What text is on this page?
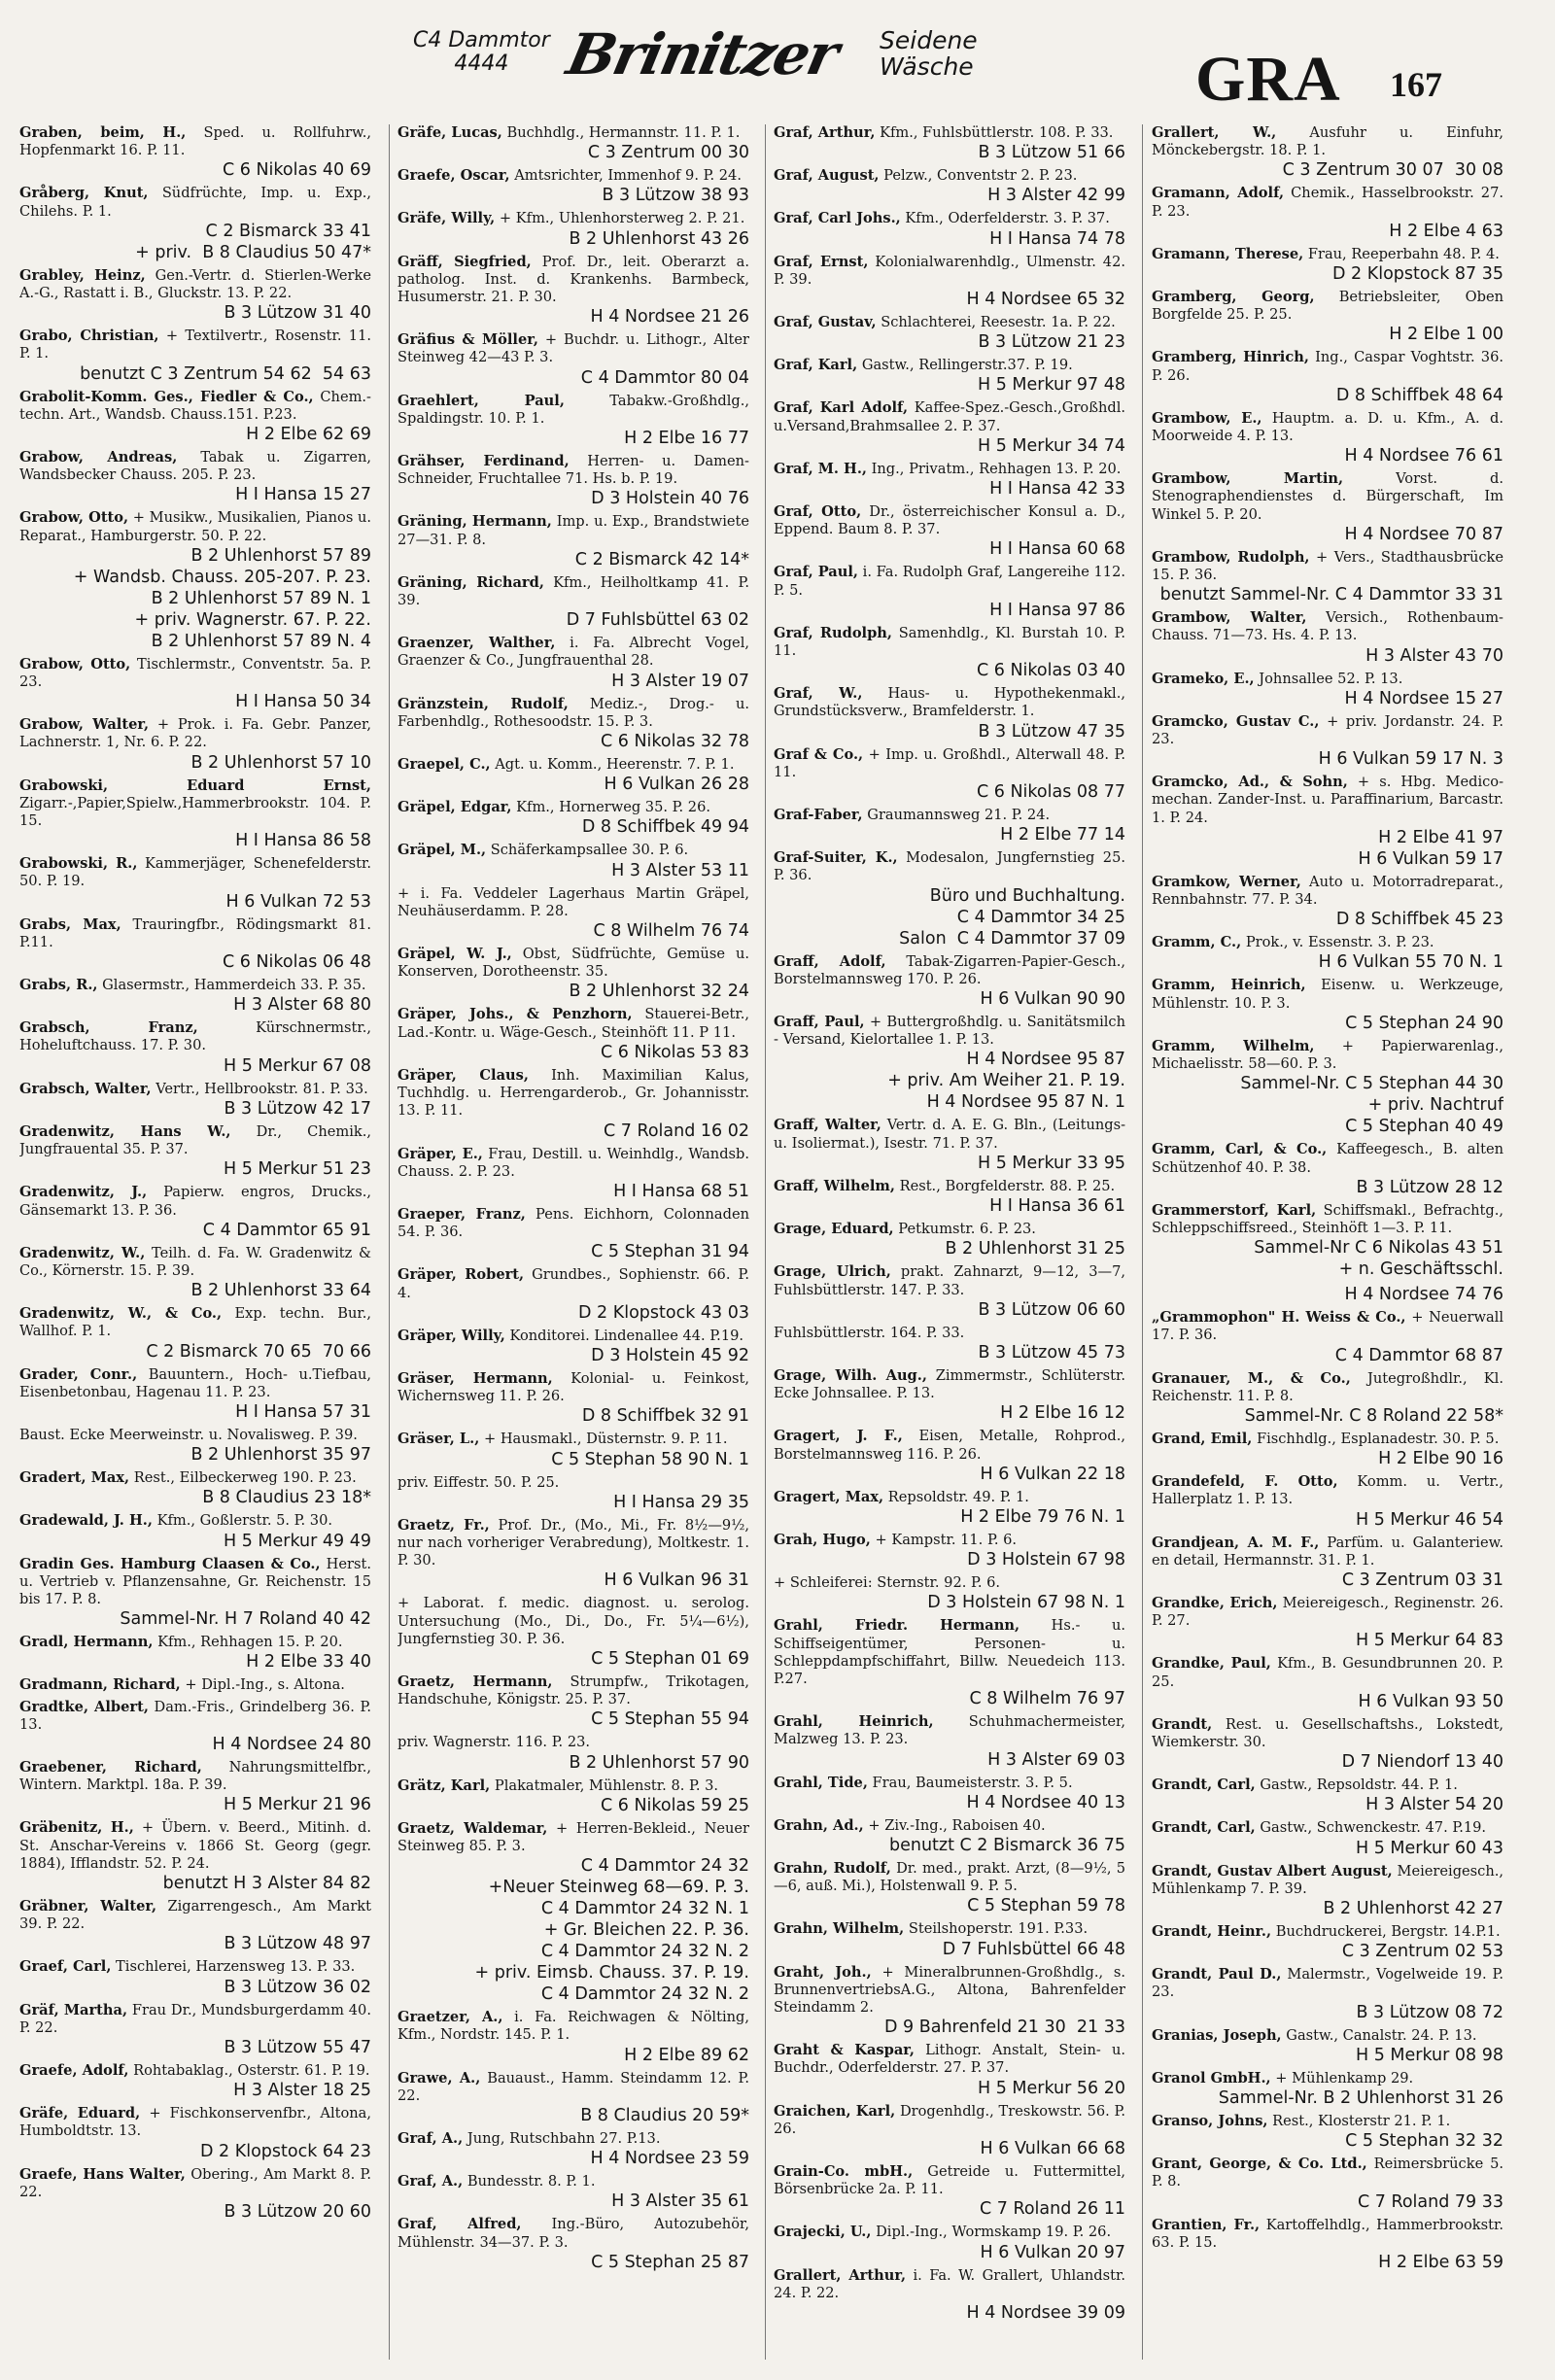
C4 Dammtor
4444 Brinitzer Seidene
Wäsche	GRA 167

Graben, beim, H., Sped. u. Rollfuhrw., Hopfenmarkt 16. P. 11.
C 6 Nikolas 40 69

Gråberg, Knut, Südfrüchte, Imp. u. Exp., Chilehs. P. 1.
C 2 Bismarck 33 41
+ priv.  B 8 Claudius 50 47*

Grabley, Heinz, Gen.-Vertr. d. Stierlen-Werke A.-G., Rastatt i. B., Gluckstr. 13. P. 22.
B 3 Lützow 31 40

Grabo, Christian, + Textilvertr., Rosenstr. 11. P. 1.
benutzt C 3 Zentrum 54 62  54 63

Grabolit-Komm. Ges., Fiedler & Co., Chem.-techn. Art., Wandsb. Chauss.151. P.23.
H 2 Elbe 62 69

Grabow, Andreas, Tabak u. Zigarren, Wandsbecker Chauss. 205. P. 23.
H I Hansa 15 27

Grabow, Otto, + Musikw., Musikalien, Pianos u. Reparat., Hamburgerstr. 50. P. 22.
B 2 Uhlenhorst 57 89
+ Wandsb. Chauss. 205-207. P. 23.
B 2 Uhlenhorst 57 89 N. 1
+ priv. Wagnerstr. 67. P. 22.
B 2 Uhlenhorst 57 89 N. 4

Grabow, Otto, Tischlermstr., Conventstr. 5a. P. 23.
H I Hansa 50 34

Grabow, Walter, + Prok. i. Fa. Gebr. Panzer, Lachnerstr. 1, Nr. 6. P. 22.
B 2 Uhlenhorst 57 10

Grabowski, Eduard Ernst, Zigarr.-,Papier,Spielw.,Hammerbrookstr. 104. P. 15.
H I Hansa 86 58

Grabowski, R., Kammerjäger, Schenefelderstr. 50. P. 19.
H 6 Vulkan 72 53

Grabs, Max, Trauringfbr., Rödingsmarkt 81. P.11.
C 6 Nikolas 06 48

Grabs, R., Glasermstr., Hammerdeich 33. P. 35.
H 3 Alster 68 80

Grabsch, Franz,	Kürschnermstr., Hoheluftchauss. 17. P. 30.
H 5 Merkur 67 08

Grabsch, Walter, Vertr., Hellbrookstr. 81. P. 33.
B 3 Lützow 42 17

Gradenwitz, Hans W., Dr., Chemik., Jungfrauental 35. P. 37.
H 5 Merkur 51 23

Gradenwitz, J., Papierw. engros, Drucks., Gänsemarkt 13. P. 36.
C 4 Dammtor 65 91

Gradenwitz, W., Teilh. d. Fa. W. Gradenwitz & Co., Körnerstr. 15. P. 39.
B 2 Uhlenhorst 33 64

Gradenwitz, W., & Co., Exp. techn. Bur., Wallhof. P. 1.
C 2 Bismarck 70 65  70 66

Grader, Conr., Bauuntern., Hoch- u.Tiefbau, Eisenbetonbau, Hagenau 11. P. 23.
H I Hansa 57 31

Baust. Ecke Meerweinstr. u. Novalisweg. P. 39.
B 2 Uhlenhorst 35 97

Gradert, Max, Rest., Eilbeckerweg 190. P. 23.
B 8 Claudius 23 18*

Gradewald, J. H., Kfm., Goßlerstr. 5. P. 30.
H 5 Merkur 49 49

Gradin Ges. Hamburg Claasen & Co., Herst. u. Vertrieb v. Pflanzensahne, Gr. Reichenstr. 15 bis 17. P. 8.
Sammel-Nr. H 7 Roland 40 42

Gradl, Hermann, Kfm., Rehhagen 15. P. 20.
H 2 Elbe 33 40

Gradmann, Richard, + Dipl.-Ing., s. Altona.

Gradtke, Albert, Dam.-Fris., Grindelberg 36. P. 13.
H 4 Nordsee 24 80

Graebener, Richard, Nahrungsmittelfbr., Wintern. Marktpl. 18a. P. 39.
H 5 Merkur 21 96

Gräbenitz, H., + Übern. v. Beerd., Mitinh. d. St. Anschar-Vereins v. 1866 St. Georg (gegr. 1884), Ifflandstr. 52. P. 24.
benutzt H 3 Alster 84 82

Gräbner, Walter, Zigarrengesch., Am Markt 39. P. 22.
B 3 Lützow 48 97

Graef, Carl, Tischlerei, Harzensweg 13. P. 33.
B 3 Lützow 36 02

Gräf, Martha, Frau Dr., Mundsburgerdamm 40. P. 22.
B 3 Lützow 55 47

Graefe, Adolf, Rohtabaklag., Osterstr. 61. P. 19.
H 3 Alster 18 25

Gräfe, Eduard, + Fischkonservenfbr., Altona, Humboldtstr. 13.
D 2 Klopstock 64 23

Graefe, Hans Walter, Obering., Am Markt 8. P. 22.
B 3 Lützow 20 60

Gräfe, Lucas, Buchhdlg., Hermannstr. 11. P. 1.
C 3 Zentrum 00 30

Graefe, Oscar, Amtsrichter, Immenhof 9. P. 24.
B 3 Lützow 38 93

Gräfe, Willy, + Kfm., Uhlenhorsterweg 2. P. 21.
B 2 Uhlenhorst 43 26

Gräff, Siegfried, Prof. Dr., leit. Oberarzt a. patholog. Inst. d. Krankenhs. Barmbeck, Husumerstr. 21. P. 30.
H 4 Nordsee 21 26

Gräfius & Möller, + Buchdr. u. Lithogr., Alter Steinweg 42—43 P. 3.
C 4 Dammtor 80 04

Graehlert, Paul,	Tabakw.-Großhdlg., Spaldingstr. 10. P. 1.
H 2 Elbe 16 77

Grähser, Ferdinand, Herren- u. Damen-Schneider, Fruchtallee 71. Hs. b. P. 19.
D 3 Holstein 40 76

Gräning, Hermann, Imp. u. Exp., Brandstwiete 27—31. P. 8.
C 2 Bismarck 42 14*

Gräning, Richard, Kfm., Heilholtkamp 41. P. 39.
D 7 Fuhlsbüttel 63 02

Graenzer, Walther, i. Fa. Albrecht Vogel, Graenzer & Co., Jungfrauenthal 28.
H 3 Alster 19 07

Gränzstein, Rudolf, Mediz.-, Drog.- u. Farbenhdlg., Rothesoodstr. 15. P. 3.
C 6 Nikolas 32 78

Graepel, C., Agt. u. Komm., Heerenstr. 7. P. 1.
H 6 Vulkan 26 28

Gräpel, Edgar, Kfm., Hornerweg 35. P. 26.
D 8 Schiffbek 49 94

Gräpel, M., Schäferkampsallee 30. P. 6.
H 3 Alster 53 11

+ i. Fa. Veddeler Lagerhaus Martin Gräpel, Neuhäuserdamm. P. 28.
C 8 Wilhelm 76 74

Gräpel, W. J., Obst, Südfrüchte, Gemüse u. Konserven, Dorotheenstr. 35.
B 2 Uhlenhorst 32 24

Gräper, Johs., & Penzhorn, Stauerei-Betr., Lad.-Kontr. u. Wäge-Gesch., Steinhöft 11. P 11.
C 6 Nikolas 53 83

Gräper, Claus, Inh. Maximilian Kalus, Tuchhdlg. u. Herrengarderob., Gr. Johannisstr. 13. P. 11.
C 7 Roland 16 02

Gräper, E., Frau, Destill. u. Weinhdlg., Wandsb. Chauss. 2. P. 23.
H I Hansa 68 51

Graeper, Franz, Pens. Eichhorn, Colonnaden 54. P. 36.
C 5 Stephan 31 94

Gräper, Robert, Grundbes., Sophienstr. 66. P. 4.
D 2 Klopstock 43 03

Gräper, Willy, Konditorei. Lindenallee 44. P.19.
D 3 Holstein 45 92

Gräser, Hermann, Kolonial- u. Feinkost, Wichernsweg 11. P. 26.
D 8 Schiffbek 32 91

Gräser, L., + Hausmakl., Düsternstr. 9. P. 11.
C 5 Stephan 58 90 N. 1

priv. Eiffestr. 50. P. 25.
H I Hansa 29 35

Graetz, Fr., Prof. Dr., (Mo., Mi., Fr. 8½—9½, nur nach vorheriger Verabredung), Moltkestr. 1. P. 30.
H 6 Vulkan 96 31

+ Laborat. f. medic. diagnost. u. serolog. Untersuchung (Mo., Di., Do., Fr. 5¼—6½), Jungfernstieg 30. P. 36.
C 5 Stephan 01 69

Graetz, Hermann, Strumpfw., Trikotagen, Handschuhe, Königstr. 25. P. 37.
C 5 Stephan 55 94

priv. Wagnerstr. 116. P. 23.
B 2 Uhlenhorst 57 90

Grätz, Karl, Plakatmaler, Mühlenstr. 8. P. 3.
C 6 Nikolas 59 25

Graetz, Waldemar, + Herren-Bekleid., Neuer Steinweg 85. P. 3.
C 4 Dammtor 24 32
+Neuer Steinweg 68—69. P. 3.
C 4 Dammtor 24 32 N. 1
+ Gr. Bleichen 22. P. 36.
C 4 Dammtor 24 32 N. 2
+ priv. Eimsb. Chauss. 37. P. 19.
C 4 Dammtor 24 32 N. 2

Graetzer, A., i. Fa. Reichwagen & Nölting, Kfm., Nordstr. 145. P. 1.
H 2 Elbe 89 62

Grawe, A., Bauaust., Hamm. Steindamm 12. P. 22.
B 8 Claudius 20 59*

Graf, A., Jung, Rutschbahn 27. P.13.
H 4 Nordsee 23 59

Graf, A., Bundesstr. 8. P. 1.
H 3 Alster 35 61

Graf, Alfred, Ing.-Büro, Autozubehör, Mühlenstr. 34—37. P. 3.
C 5 Stephan 25 87

Graf, Arthur, Kfm., Fuhlsbüttlerstr. 108. P. 33.
B 3 Lützow 51 66

Graf, August, Pelzw., Conventstr 2. P. 23.
H 3 Alster 42 99

Graf, Carl Johs., Kfm., Oderfelderstr. 3. P. 37.
H I Hansa 74 78

Graf, Ernst, Kolonialwarenhdlg., Ulmenstr. 42. P. 39.
H 4 Nordsee 65 32

Graf, Gustav, Schlachterei, Reesestr. 1a. P. 22.
B 3 Lützow 21 23

Graf, Karl, Gastw., Rellingerstr.37. P. 19.
H 5 Merkur 97 48

Graf, Karl Adolf, Kaffee-Spez.-Gesch.,Großhdl. u.Versand,Brahmsallee 2. P. 37.
H 5 Merkur 34 74

Graf, M. H., Ing., Privatm., Rehhagen 13. P. 20.
H I Hansa 42 33

Graf, Otto, Dr., österreichischer Konsul a. D., Eppend. Baum 8. P. 37.
H I Hansa 60 68

Graf, Paul, i. Fa. Rudolph Graf, Langereihe 112. P. 5.
H I Hansa 97 86

Graf, Rudolph, Samenhdlg., Kl. Burstah 10. P. 11.
C 6 Nikolas 03 40

Graf, W., Haus- u. Hypothekenmakl., Grundstücksverw., Bramfelderstr. 1.
B 3 Lützow 47 35

Graf & Co., + Imp. u. Großhdl., Alterwall 48. P. 11.
C 6 Nikolas 08 77

Graf-Faber, Graumannsweg 21. P. 24.
H 2 Elbe 77 14

Graf-Suiter, K., Modesalon, Jungfernstieg 25. P. 36.
Büro und Buchhaltung.
C 4 Dammtor 34 25
Salon  C 4 Dammtor 37 09

Graff, Adolf, Tabak-Zigarren-Papier-Gesch., Borstelmannsweg 170. P. 26.
H 6 Vulkan 90 90

Graff, Paul, + Buttergroßhdlg. u. Sanitätsmilch - Versand, Kielortallee 1. P. 13.
H 4 Nordsee 95 87
+ priv. Am Weiher 21. P. 19.
H 4 Nordsee 95 87 N. 1

Graff, Walter, Vertr. d. A. E. G. Bln., (Leitungs- u. Isoliermat.), Isestr. 71. P. 37.
H 5 Merkur 33 95

Graff, Wilhelm, Rest., Borgfelderstr. 88. P. 25.
H I Hansa 36 61

Grage, Eduard, Petkumstr. 6. P. 23.
B 2 Uhlenhorst 31 25

Grage, Ulrich, prakt. Zahnarzt, 9—12, 3—7, Fuhlsbüttlerstr. 147. P. 33.
B 3 Lützow 06 60

Fuhlsbüttlerstr. 164. P. 33.
B 3 Lützow 45 73

Grage, Wilh. Aug., Zimmermstr., Schlüterstr. Ecke Johnsallee. P. 13.
H 2 Elbe 16 12

Gragert, J. F., Eisen, Metalle, Rohprod., Borstelmannsweg 116. P. 26.
H 6 Vulkan 22 18

Gragert, Max, Repsoldstr. 49. P. 1.
H 2 Elbe 79 76 N. 1

Grah, Hugo, + Kampstr. 11. P. 6.
D 3 Holstein 67 98

+ Schleiferei: Sternstr. 92. P. 6.
D 3 Holstein 67 98 N. 1

Grahl, Friedr. Hermann, Hs.- u. Schiffseigentümer, Personen- u. Schleppdampfschiffahrt, Billw. Neuedeich 113. P.27.
C 8 Wilhelm 76 97

Grahl, Heinrich, Schuhmachermeister, Malzweg 13. P. 23.
H 3 Alster 69 03

Grahl, Tide, Frau, Baumeisterstr. 3. P. 5.
H 4 Nordsee 40 13

Grahn, Ad., + Ziv.-Ing., Raboisen 40.
benutzt C 2 Bismarck 36 75

Grahn, Rudolf, Dr. med., prakt. Arzt, (8—9½, 5—6, auß. Mi.), Holstenwall 9. P. 5.
C 5 Stephan 59 78

Grahn, Wilhelm, Steilshoperstr. 191. P.33.
D 7 Fuhlsbüttel 66 48

Graht, Joh., + Mineralbrunnen-Großhdlg., s. BrunnenvertriebsA.G., Altona, Bahrenfelder Steindamm 2.
D 9 Bahrenfeld 21 30  21 33

Graht & Kaspar, Lithogr. Anstalt, Stein- u. Buchdr., Oderfelderstr. 27. P. 37.
H 5 Merkur 56 20

Graichen, Karl, Drogenhdlg., Treskowstr. 56. P. 26.
H 6 Vulkan 66 68

Grain-Co. mbH., Getreide u. Futtermittel, Börsenbrücke 2a. P. 11.
C 7 Roland 26 11

Grajecki, U., Dipl.-Ing., Wormskamp 19. P. 26.
H 6 Vulkan 20 97

Grallert, Arthur, i. Fa. W. Grallert, Uhlandstr. 24. P. 22.
H 4 Nordsee 39 09

Grallert, W., Ausfuhr u. Einfuhr, Mönckebergstr. 18. P. 1.
C 3 Zentrum 30 07  30 08

Gramann, Adolf, Chemik., Hasselbrookstr. 27. P. 23.
H 2 Elbe 4 63

Gramann, Therese, Frau, Reeperbahn 48. P. 4.
D 2 Klopstock 87 35

Gramberg, Georg, Betriebsleiter, Oben Borgfelde 25. P. 25.
H 2 Elbe 1 00

Gramberg, Hinrich, Ing., Caspar Voghtstr. 36. P. 26.
D 8 Schiffbek 48 64

Grambow, E., Hauptm. a. D. u. Kfm., A. d. Moorweide 4. P. 13.
H 4 Nordsee 76 61

Grambow, Martin,	Vorst. d. Stenographendienstes d. Bürgerschaft, Im Winkel 5. P. 20.
H 4 Nordsee 70 87

Grambow, Rudolph, + Vers., Stadthausbrücke 15. P. 36.
benutzt Sammel-Nr. C 4 Dammtor 33 31

Grambow, Walter, Versich., Rothenbaum-Chauss. 71—73. Hs. 4. P. 13.
H 3 Alster 43 70

Grameko, E., Johnsallee 52. P. 13.
H 4 Nordsee 15 27

Gramcko, Gustav C., + priv. Jordanstr. 24. P. 23.
H 6 Vulkan 59 17 N. 3

Gramcko, Ad., & Sohn, + s. Hbg. Medico-mechan. Zander-Inst. u. Paraffinarium, Barcastr. 1. P. 24.
H 2 Elbe 41 97
H 6 Vulkan 59 17

Gramkow, Werner, Auto u. Motorradreparat., Rennbahnstr. 77. P. 34.
D 8 Schiffbek 45 23

Gramm, C., Prok., v. Essenstr. 3. P. 23.
H 6 Vulkan 55 70 N. 1

Gramm, Heinrich, Eisenw. u. Werkzeuge, Mühlenstr. 10. P. 3.
C 5 Stephan 24 90

Gramm, Wilhelm, + Papierwarenlag., Michaelisstr. 58—60. P. 3.
Sammel-Nr. C 5 Stephan 44 30
+ priv. Nachtruf
C 5 Stephan 40 49

Gramm, Carl, & Co., Kaffeegesch., B. alten Schützenhof 40. P. 38.
B 3 Lützow 28 12

Grammerstorf, Karl, Schiffsmakl., Befrachtg., Schleppschiffsreed., Steinhöft 1—3. P. 11.
Sammel-Nr C 6 Nikolas 43 51
+ n. Geschäftsschl.

H 4 Nordsee 74 76

„Grammophon" H. Weiss & Co., + Neuerwall 17. P. 36.
C 4 Dammtor 68 87

Granauer, M., & Co., Jutegroßhdlr., Kl. Reichenstr. 11. P. 8.
Sammel-Nr. C 8 Roland 22 58*

Grand, Emil, Fischhdlg., Esplanadestr. 30. P. 5.
H 2 Elbe 90 16

Grandefeld, F. Otto, Komm. u. Vertr., Hallerplatz 1. P. 13.
H 5 Merkur 46 54

Grandjean, A. M. F., Parfüm. u. Galanteriew. en detail, Hermannstr. 31. P. 1.
C 3 Zentrum 03 31

Grandke, Erich, Meiereigesch., Reginenstr. 26. P. 27.
H 5 Merkur 64 83

Grandke, Paul, Kfm., B. Gesundbrunnen 20. P. 25.
H 6 Vulkan 93 50

Grandt, Rest. u. Gesellschaftshs., Lokstedt, Wiemkerstr. 30.
D 7 Niendorf 13 40

Grandt, Carl, Gastw., Repsoldstr. 44. P. 1.
H 3 Alster 54 20

Grandt, Carl, Gastw., Schwenckestr. 47. P.19.
H 5 Merkur 60 43

Grandt, Gustav Albert August, Meiereigesch., Mühlenkamp 7. P. 39.
B 2 Uhlenhorst 42 27

Grandt, Heinr., Buchdruckerei, Bergstr. 14.P.1.
C 3 Zentrum 02 53

Grandt, Paul D., Malermstr., Vogelweide 19. P. 23.
B 3 Lützow 08 72

Granias, Joseph, Gastw., Canalstr. 24. P. 13.
H 5 Merkur 08 98

Granol GmbH., + Mühlenkamp 29.
Sammel-Nr. B 2 Uhlenhorst 31 26

Granso, Johns, Rest., Klosterstr 21. P. 1.
C 5 Stephan 32 32

Grant, George, & Co. Ltd., Reimersbrücke 5. P. 8.
C 7 Roland 79 33

Grantien, Fr., Kartoffelhdlg., Hammerbrookstr. 63. P. 15.
H 2 Elbe 63 59
